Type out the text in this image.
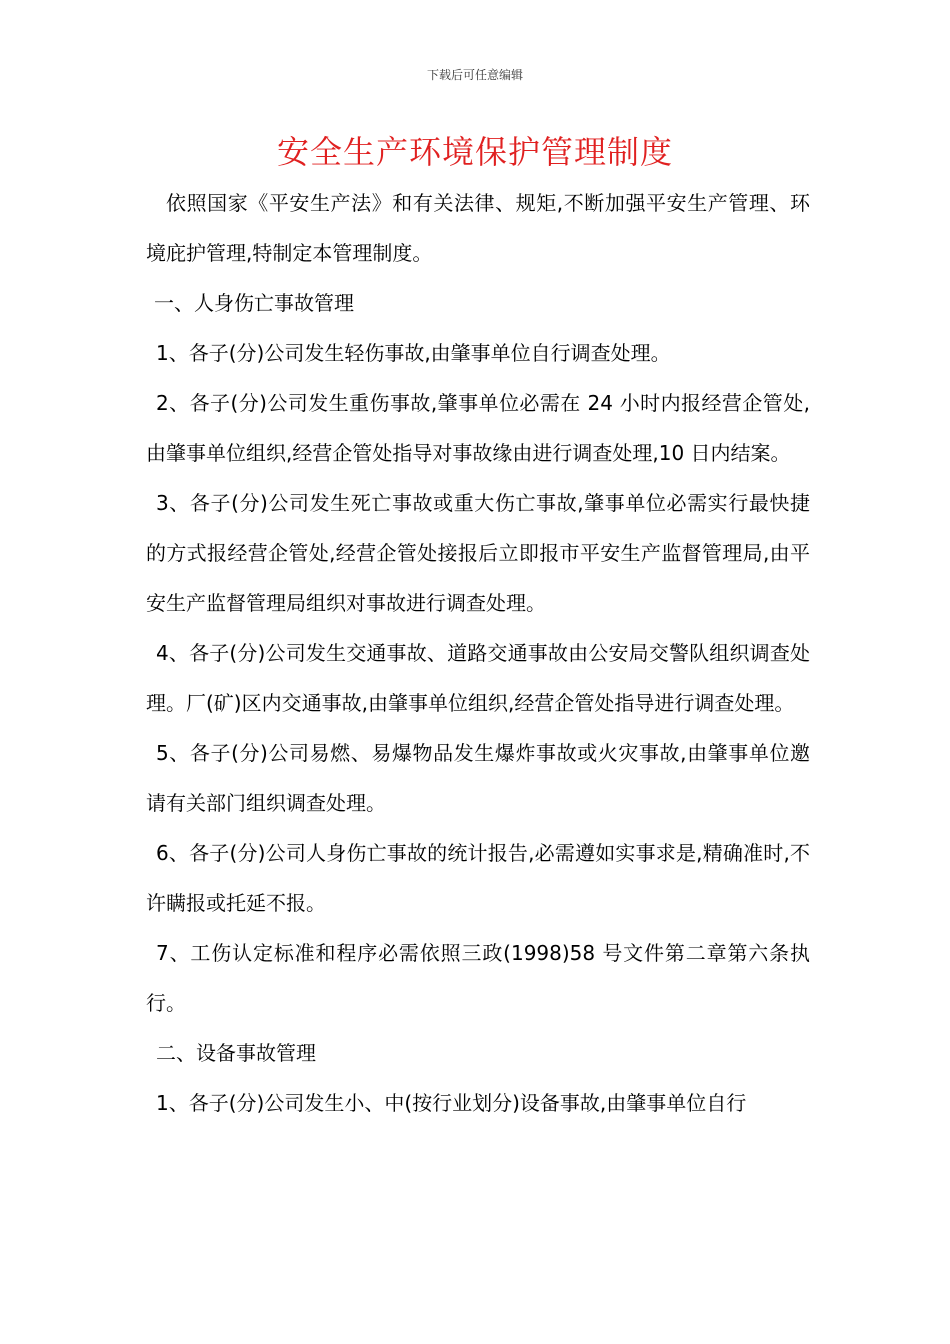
下载后可任意编辑
安全生产环境保护管理制度

依照国家《平安生产法》和有关法律、规矩,不断加强平安生产管理、环境庇护管理,特制定本管理制度。

一、人身伤亡事故管理

1、各子(分)公司发生轻伤事故,由肇事单位自行调查处理。

2、各子(分)公司发生重伤事故,肇事单位必需在 24 小时内报经营企管处,由肇事单位组织,经营企管处指导对事故缘由进行调查处理,10 日内结案。

3、各子(分)公司发生死亡事故或重大伤亡事故,肇事单位必需实行最快捷的方式报经营企管处,经营企管处接报后立即报市平安生产监督管理局,由平安生产监督管理局组织对事故进行调查处理。

4、各子(分)公司发生交通事故、道路交通事故由公安局交警队组织调查处理。厂(矿)区内交通事故,由肇事单位组织,经营企管处指导进行调查处理。

5、各子(分)公司易燃、易爆物品发生爆炸事故或火灾事故,由肇事单位邀请有关部门组织调查处理。

6、各子(分)公司人身伤亡事故的统计报告,必需遵如实事求是,精确准时,不许瞒报或托延不报。

7、工伤认定标准和程序必需依照三政(1998)58 号文件第二章第六条执行。

二、设备事故管理

1、各子(分)公司发生小、中(按行业划分)设备事故,由肇事单位自行
